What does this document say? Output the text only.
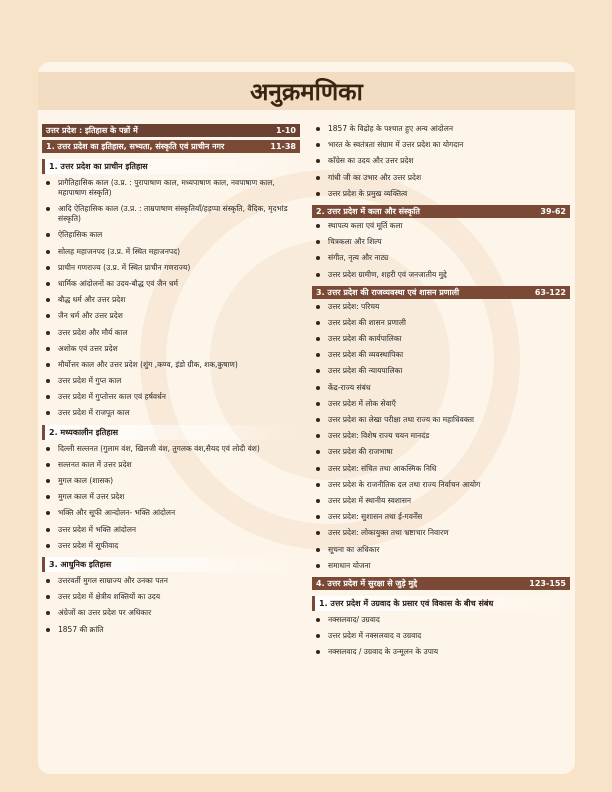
अनुक्रमणिका
उत्तर प्रदेश : इतिहास के पन्नों में	1-10
1. उत्तर प्रदेश का इतिहास, सभ्यता, संस्कृति एवं प्राचीन नगर	11-38
1. उत्तर प्रदेश का प्राचीन इतिहास
प्रागैतिहासिक काल (उ.प्र. : पुरापाषाण काल, मध्यपाषाण काल, नवपाषाण काल, महापाषाण संस्कृति)
आदि ऐतिहासिक काल (उ.प्र. : ताम्रपाषाण संस्कृतियाँ/हड़प्पा संस्कृति, वैदिक, मृदभांड संस्कृति)
ऐतिहासिक काल
सोलह महाजनपद (उ.प्र. में स्थित महाजनपद)
प्राचीन गणराज्य (उ.प्र. में स्थित प्राचीन गणराज्य)
धार्मिक आंदोलनों का उदय-बौद्ध एवं जैन धर्म
बौद्ध धर्म और उत्तर प्रदेश
जैन धर्म और उत्तर प्रदेश
उत्तर प्रदेश और मौर्य काल
अशोक एवं उत्तर प्रदेश
मौर्योत्तर काल और उत्तर प्रदेश (शुंग ,कण्व, इंडो ग्रीक, शक,कुषाण)
उत्तर प्रदेश में गुप्त काल
उत्तर प्रदेश में गुप्तोत्तर काल एवं हर्षवर्धन
उत्तर प्रदेश में राजपूत काल
2. मध्यकालीन इतिहास
दिल्ली सल्तनत (गुलाम वंश, खिलजी वंश, तुगलक वंश,सैयद एवं लोदी वंश)
सल्तनत काल में उत्तर प्रदेश
मुगल काल (शासक)
मुगल काल में उत्तर प्रदेश
भक्ति और सूफी आन्दोलन- भक्ति आंदोलन
उत्तर प्रदेश में भक्ति आंदोलन
उत्तर प्रदेश में सूफीवाद
3. आधुनिक इतिहास
उत्तरवर्ती मुगल साम्राज्य और उनका पतन
उत्तर प्रदेश में क्षेत्रीय शक्तियों का उदय
अंग्रेजों का उत्तर प्रदेश पर अधिकार
1857 की क्रांति
1857 के विद्रोह के पश्चात हुए अन्य आंदोलन
भारत के स्वतंत्रता संग्राम में उत्तर प्रदेश का योगदान
कॉंग्रेस का उदय और उत्तर प्रदेश
गांधी जी का उभार और उत्तर प्रदेश
उत्तर प्रदेश के प्रमुख व्यक्तित्व
2. उत्तर प्रदेश में कला और संस्कृति	39-62
स्थापत्य कला एवं मूर्ति कला
चित्रकला और शिल्प
संगीत, नृत्य और नाट्य
उत्तर प्रदेश ग्रामीण, शहरी एवं जनजातीय मुद्दे
3. उत्तर प्रदेश की राजव्यवस्था एवं शासन प्रणाली	63-122
उत्तर प्रदेश: परिचय
उत्तर प्रदेश की शासन प्रणाली
उत्तर प्रदेश की कार्यपालिका
उत्तर प्रदेश की व्यवस्थापिका
उत्तर प्रदेश की न्यायपालिका
केंद्र-राज्य संबंध
उत्तर प्रदेश में लोक सेवाएँ
उत्तर प्रदेश का लेखा परीक्षा तथा राज्य का महाधिवक्ता
उत्तर प्रदेश: विशेष राज्य चयन मानदंड
उत्तर प्रदेश की राजभाषा
उत्तर प्रदेश: संचित तथा आकस्मिक निधि
उत्तर प्रदेश के राजनीतिक दल तथा राज्य निर्वाचन आयोग
उत्तर प्रदेश में स्थानीय स्वशासन
उत्तर प्रदेश: सुशासन तथा ई-गवर्नेंस
उत्तर प्रदेश: लोकायुक्त तथा भ्रष्टाचार निवारण
सूचना का अधिकार
समाधान योजना
4. उत्तर प्रदेश में सुरक्षा से जुड़े मुद्दे	123-155
1. उत्तर प्रदेश में उग्रवाद के प्रसार एवं विकास के बीच संबंध
नक्सलवाद/ उग्रवाद
उत्तर प्रदेश में नक्सलवाद व उग्रवाद
नक्सलवाद / उग्रवाद के उन्मूलन के उपाय
